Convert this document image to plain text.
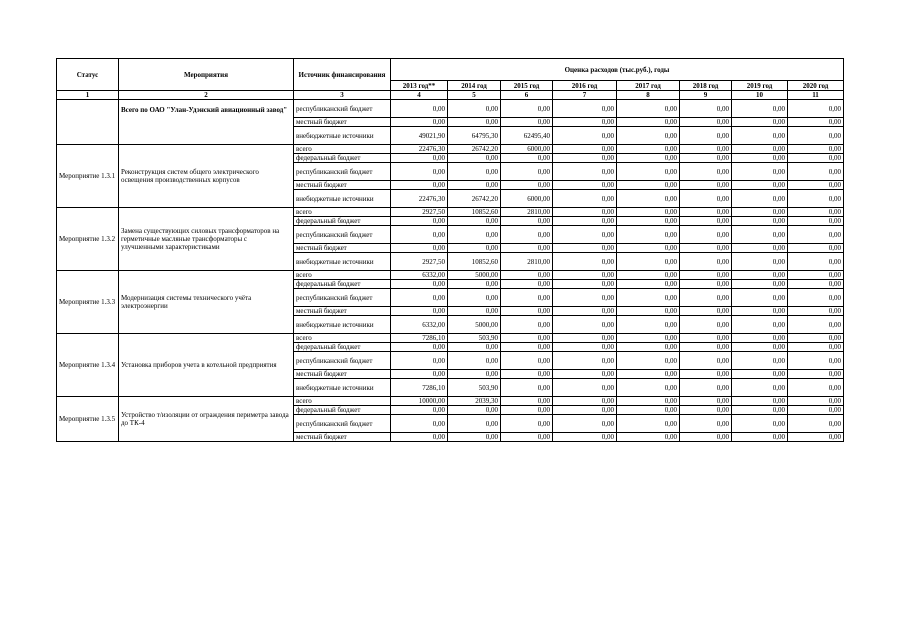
Статус	Мероприятия	Источник финансирования	Оценка расходов (тыс.руб.), годы							
			2013 год**	2014 год	2015 год	2016 год	2017 год	2018 год	2019 год	2020 год
1	2	3	4	5	6	7	8	9	10	11
	Всего по ОАО "Улан-Удэнский авиационный завод"	республиканский бюджет	0,00	0,00	0,00	0,00	0,00	0,00	0,00	0,00
		местный бюджет	0,00	0,00	0,00	0,00	0,00	0,00	0,00	0,00
		внебюджетные источники	49021,90	64795,30	62495,40	0,00	0,00	0,00	0,00	0,00
Мероприятие 1.3.1	Реконструкция систем общего электрического освещения производственных корпусов	всего	22476,30	26742,20	6000,00	0,00	0,00	0,00	0,00	0,00
		федеральный бюджет	0,00	0,00	0,00	0,00	0,00	0,00	0,00	0,00
		республиканский бюджет	0,00	0,00	0,00	0,00	0,00	0,00	0,00	0,00
		местный бюджет	0,00	0,00	0,00	0,00	0,00	0,00	0,00	0,00
		внебюджетные источники	22476,30	26742,20	6000,00	0,00	0,00	0,00	0,00	0,00
Мероприятие 1.3.2	Замена существующих силовых трансформаторов на герметичные масляные трансформаторы с улучшенными характеристиками	всего	2927,50	10852,60	2810,00	0,00	0,00	0,00	0,00	0,00
		федеральный бюджет	0,00	0,00	0,00	0,00	0,00	0,00	0,00	0,00
		республиканский бюджет	0,00	0,00	0,00	0,00	0,00	0,00	0,00	0,00
		местный бюджет	0,00	0,00	0,00	0,00	0,00	0,00	0,00	0,00
		внебюджетные источники	2927,50	10852,60	2810,00	0,00	0,00	0,00	0,00	0,00
Мероприятие 1.3.3	Модернизация системы технического учёта электроэнергии	всего	6332,00	5000,00	0,00	0,00	0,00	0,00	0,00	0,00
		федеральный бюджет	0,00	0,00	0,00	0,00	0,00	0,00	0,00	0,00
		республиканский бюджет	0,00	0,00	0,00	0,00	0,00	0,00	0,00	0,00
		местный бюджет	0,00	0,00	0,00	0,00	0,00	0,00	0,00	0,00
		внебюджетные источники	6332,00	5000,00	0,00	0,00	0,00	0,00	0,00	0,00
Мероприятие 1.3.4	Установка приборов учета в котельной предприятия	всего	7286,10	503,90	0,00	0,00	0,00	0,00	0,00	0,00
		федеральный бюджет	0,00	0,00	0,00	0,00	0,00	0,00	0,00	0,00
		республиканский бюджет	0,00	0,00	0,00	0,00	0,00	0,00	0,00	0,00
		местный бюджет	0,00	0,00	0,00	0,00	0,00	0,00	0,00	0,00
		внебюджетные источники	7286,10	503,90	0,00	0,00	0,00	0,00	0,00	0,00
Мероприятие 1.3.5	Устройство т/изоляции от ограждения периметра завода до ТК-4	всего	10000,00	2039,30	0,00	0,00	0,00	0,00	0,00	0,00
		федеральный бюджет	0,00	0,00	0,00	0,00	0,00	0,00	0,00	0,00
		республиканский бюджет	0,00	0,00	0,00	0,00	0,00	0,00	0,00	0,00
		местный бюджет	0,00	0,00	0,00	0,00	0,00	0,00	0,00	0,00
